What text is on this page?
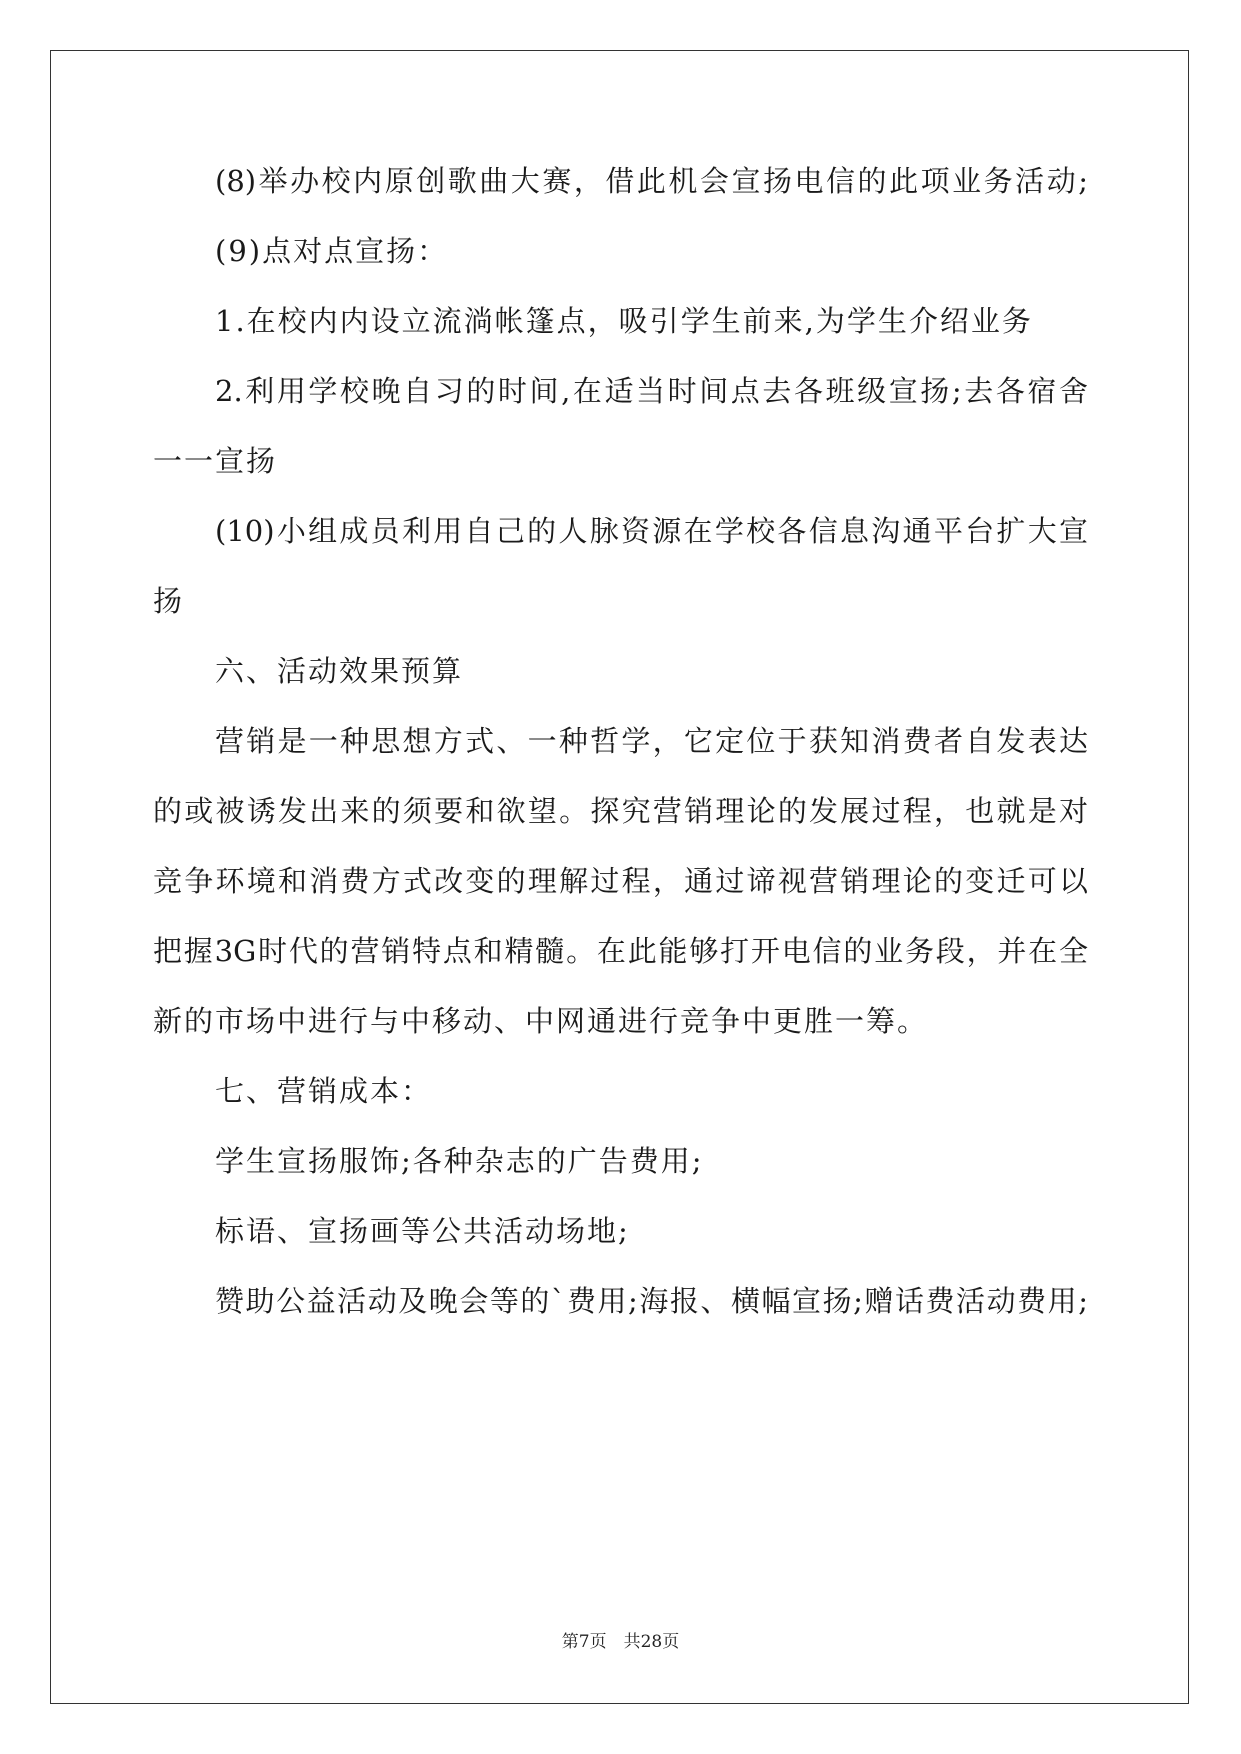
(8)举办校内原创歌曲大赛，借此机会宣扬电信的此项业务活动;
(9)点对点宣扬：
1.在校内内设立流淌帐篷点，吸引学生前来,为学生介绍业务
2.利用学校晚自习的时间,在适当时间点去各班级宣扬;去各宿舍
一一宣扬
(10)小组成员利用自己的人脉资源在学校各信息沟通平台扩大宣
扬
六、活动效果预算
营销是一种思想方式、一种哲学，它定位于获知消费者自发表达
的或被诱发出来的须要和欲望。探究营销理论的发展过程，也就是对
竞争环境和消费方式改变的理解过程，通过谛视营销理论的变迁可以
把握3G时代的营销特点和精髓。在此能够打开电信的业务段，并在全
新的市场中进行与中移动、中网通进行竞争中更胜一筹。
七、营销成本：
学生宣扬服饰;各种杂志的广告费用;
标语、宣扬画等公共活动场地;
赞助公益活动及晚会等的`费用;海报、横幅宣扬;赠话费活动费用;
第7页　共28页
